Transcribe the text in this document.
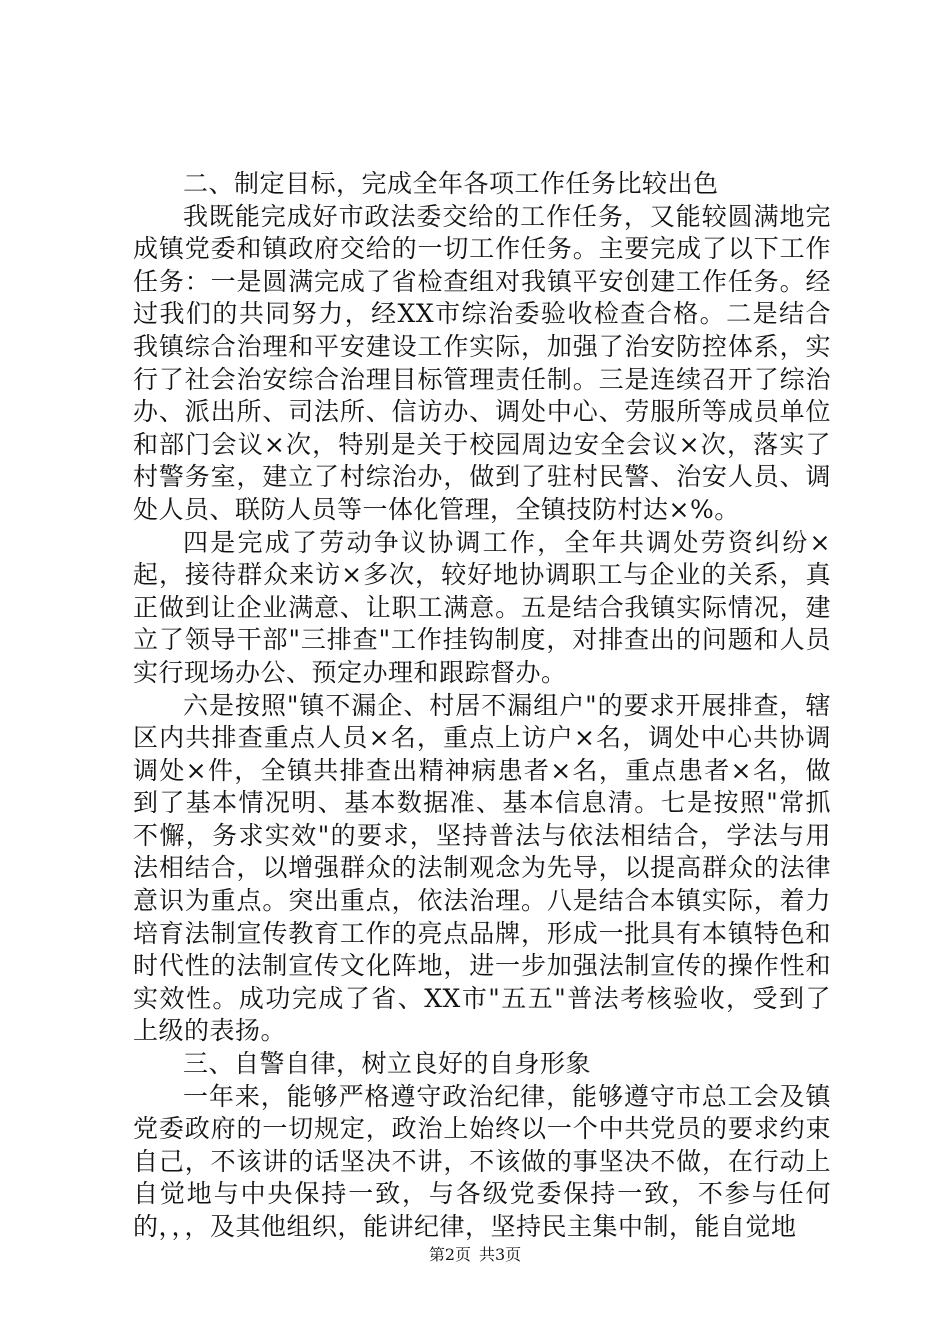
二、制定目标，完成全年各项工作任务比较出色

我既能完成好市政法委交给的工作任务，又能较圆满地完成镇党委和镇政府交给的一切工作任务。主要完成了以下工作任务：一是圆满完成了省检查组对我镇平安创建工作任务。经过我们的共同努力，经XX市综治委验收检查合格。二是结合我镇综合治理和平安建设工作实际，加强了治安防控体系，实行了社会治安综合治理目标管理责任制。三是连续召开了综治办、派出所、司法所、信访办、调处中心、劳服所等成员单位和部门会议×次，特别是关于校园周边安全会议×次，落实了村警务室，建立了村综治办，做到了驻村民警、治安人员、调处人员、联防人员等一体化管理，全镇技防村达×%。

四是完成了劳动争议协调工作，全年共调处劳资纠纷×起，接待群众来访×多次，较好地协调职工与企业的关系，真正做到让企业满意、让职工满意。五是结合我镇实际情况，建立了领导干部"三排查"工作挂钩制度，对排查出的问题和人员实行现场办公、预定办理和跟踪督办。

六是按照"镇不漏企、村居不漏组户"的要求开展排查，辖区内共排查重点人员×名，重点上访户×名，调处中心共协调调处×件，全镇共排查出精神病患者×名，重点患者×名，做到了基本情况明、基本数据准、基本信息清。七是按照"常抓不懈，务求实效"的要求，坚持普法与依法相结合，学法与用法相结合，以增强群众的法制观念为先导，以提高群众的法律意识为重点。突出重点，依法治理。八是结合本镇实际，着力培育法制宣传教育工作的亮点品牌，形成一批具有本镇特色和时代性的法制宣传文化阵地，进一步加强法制宣传的操作性和实效性。成功完成了省、XX市"五五"普法考核验收，受到了上级的表扬。

三、自警自律，树立良好的自身形象

一年来，能够严格遵守政治纪律，能够遵守市总工会及镇党委政府的一切规定，政治上始终以一个中共党员的要求约束自己，不该讲的话坚决不讲，不该做的事坚决不做，在行动上自觉地与中央保持一致，与各级党委保持一致，不参与任何的，，，及其他组织，能讲纪律，坚持民主集中制，能自觉地

第2页 共3页
